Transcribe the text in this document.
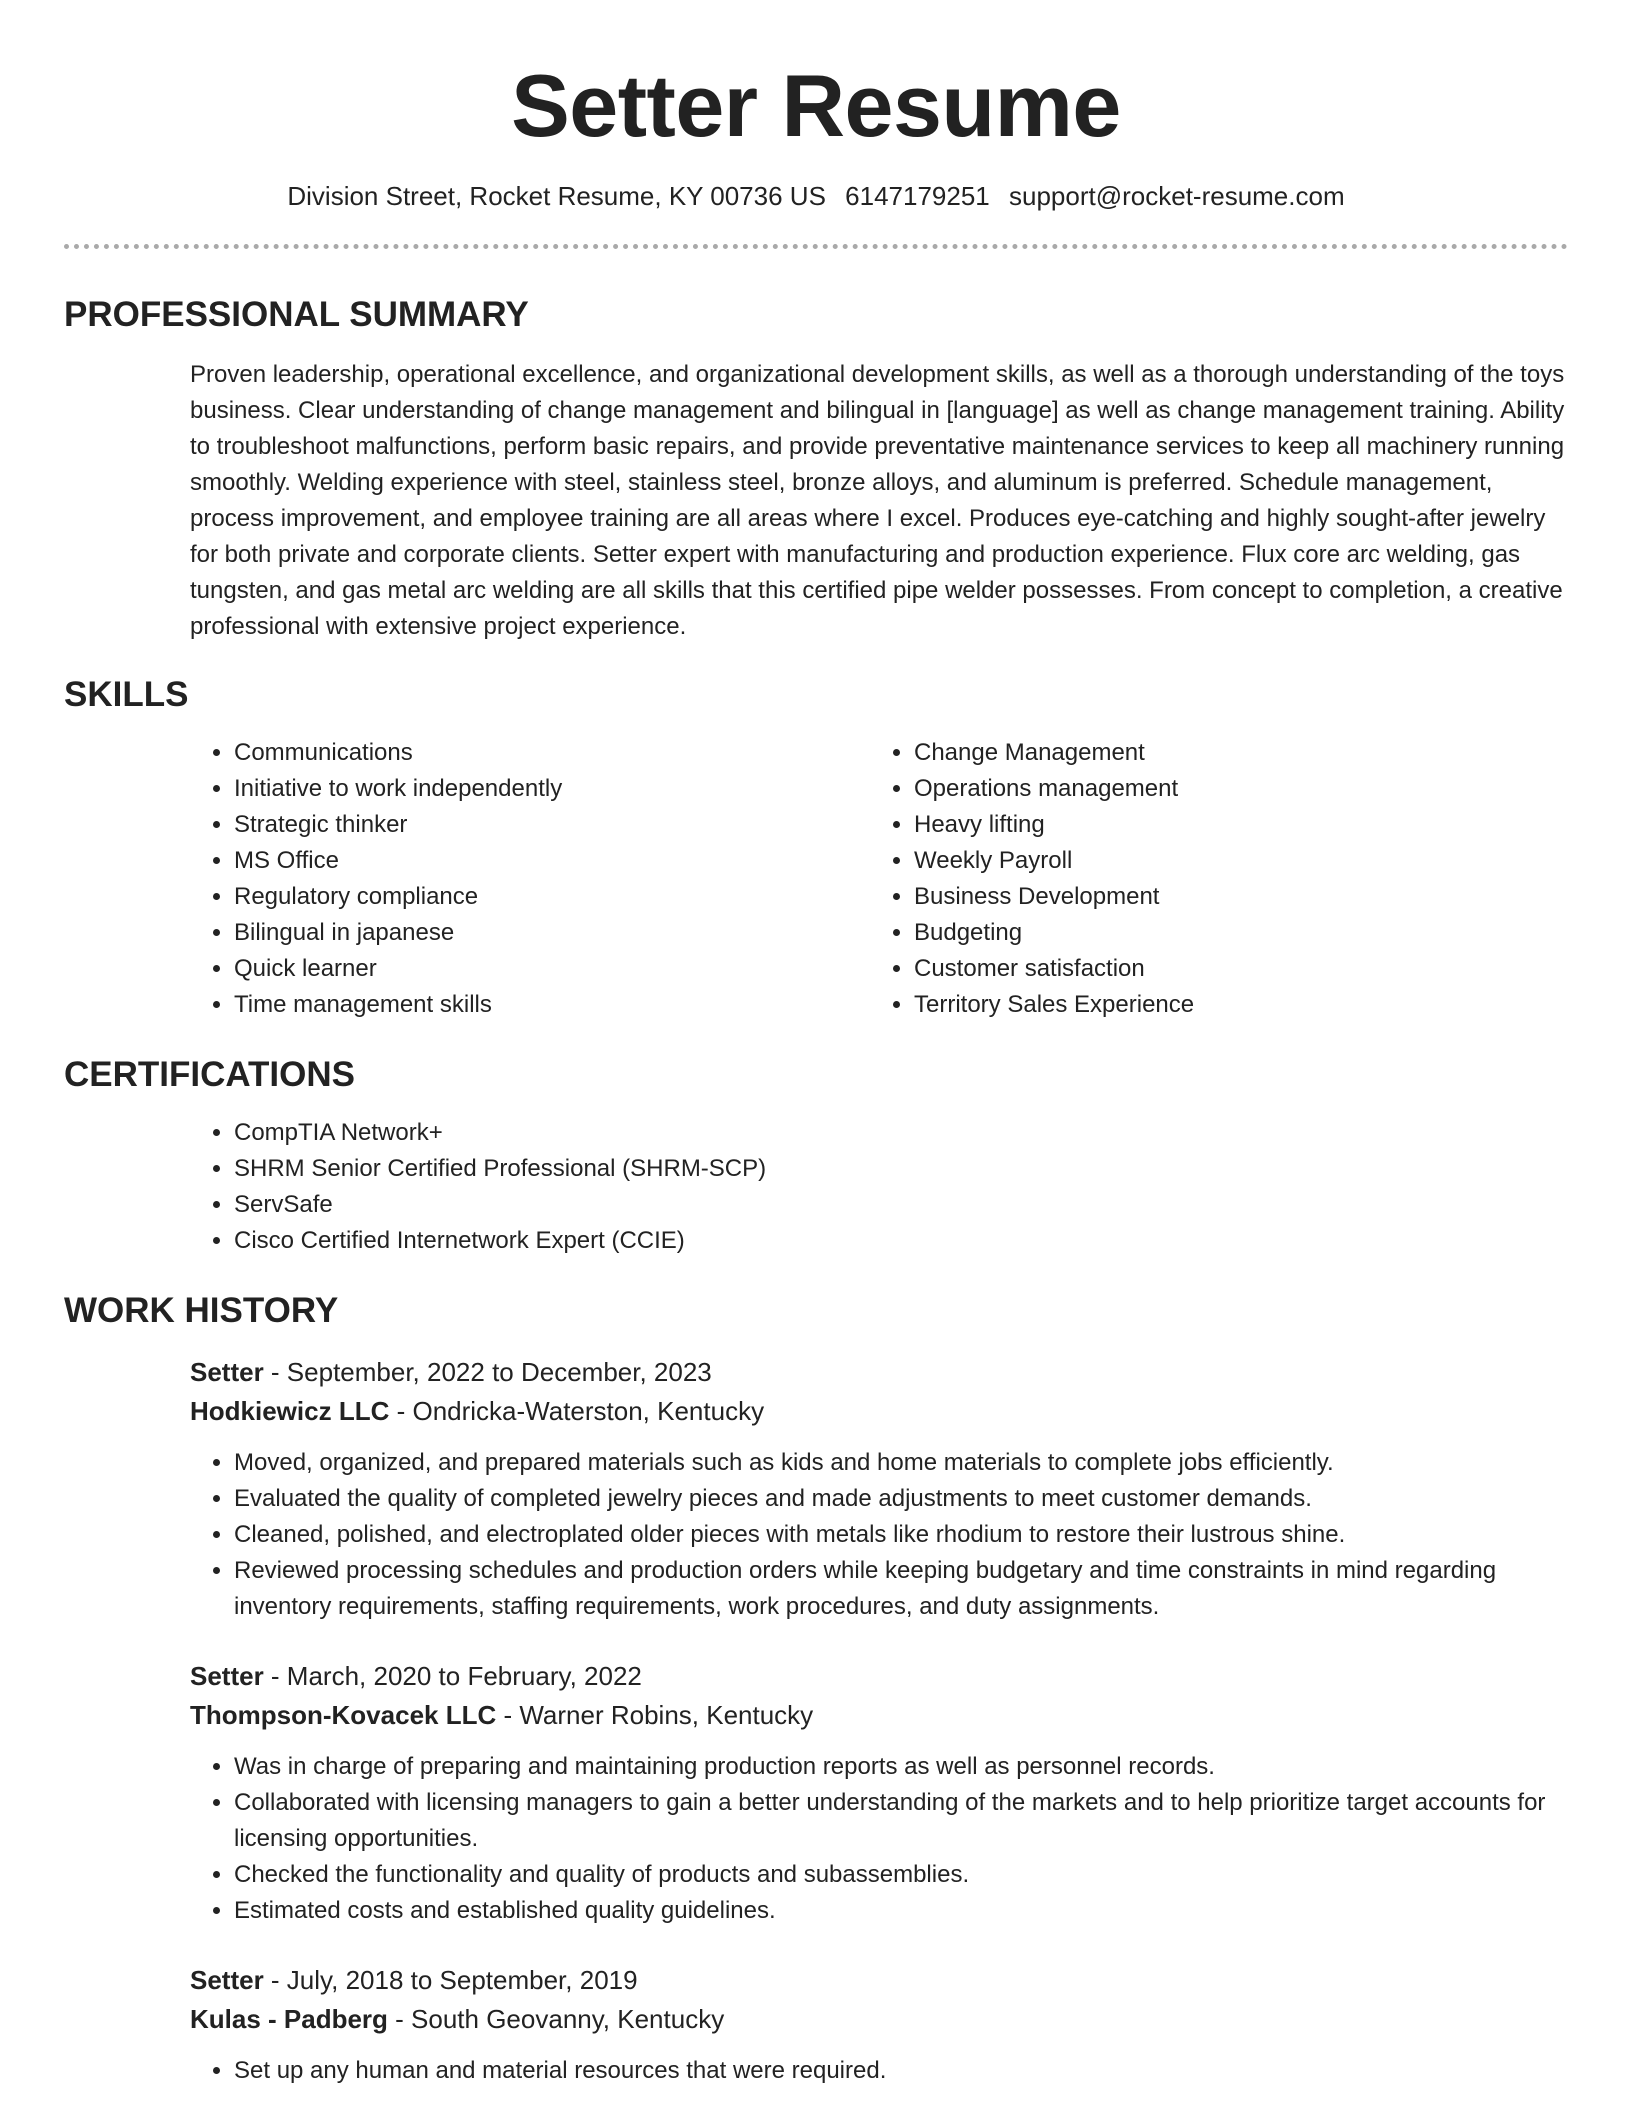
Setter Resume
Division Street, Rocket Resume, KY 00736 US 6147179251 support@rocket-resume.com
PROFESSIONAL SUMMARY

Proven leadership, operational excellence, and organizational development skills, as well as a thorough understanding of the toys business. Clear understanding of change management and bilingual in [language] as well as change management training. Ability to troubleshoot malfunctions, perform basic repairs, and provide preventative maintenance services to keep all machinery running smoothly. Welding experience with steel, stainless steel, bronze alloys, and aluminum is preferred. Schedule management, process improvement, and employee training are all areas where I excel. Produces eye-catching and highly sought-after jewelry for both private and corporate clients. Setter expert with manufacturing and production experience. Flux core arc welding, gas tungsten, and gas metal arc welding are all skills that this certified pipe welder possesses. From concept to completion, a creative professional with extensive project experience.

SKILLS
• Communications
• Initiative to work independently
• Strategic thinker
• MS Office
• Regulatory compliance
• Bilingual in japanese
• Quick learner
• Time management skills
• Change Management
• Operations management
• Heavy lifting
• Weekly Payroll
• Business Development
• Budgeting
• Customer satisfaction
• Territory Sales Experience
CERTIFICATIONS
• CompTIA Network+
• SHRM Senior Certified Professional (SHRM-SCP)
• ServSafe
• Cisco Certified Internetwork Expert (CCIE)
WORK HISTORY
Setter - September, 2022 to December, 2023
Hodkiewicz LLC - Ondricka-Waterston, Kentucky
• Moved, organized, and prepared materials such as kids and home materials to complete jobs efficiently.
• Evaluated the quality of completed jewelry pieces and made adjustments to meet customer demands.
• Cleaned, polished, and electroplated older pieces with metals like rhodium to restore their lustrous shine.
• Reviewed processing schedules and production orders while keeping budgetary and time constraints in mind regarding inventory requirements, staffing requirements, work procedures, and duty assignments.
Setter - March, 2020 to February, 2022
Thompson-Kovacek LLC - Warner Robins, Kentucky
• Was in charge of preparing and maintaining production reports as well as personnel records.
• Collaborated with licensing managers to gain a better understanding of the markets and to help prioritize target accounts for licensing opportunities.
• Checked the functionality and quality of products and subassemblies.
• Estimated costs and established quality guidelines.
Setter - July, 2018 to September, 2019
Kulas - Padberg - South Geovanny, Kentucky
• Set up any human and material resources that were required.
